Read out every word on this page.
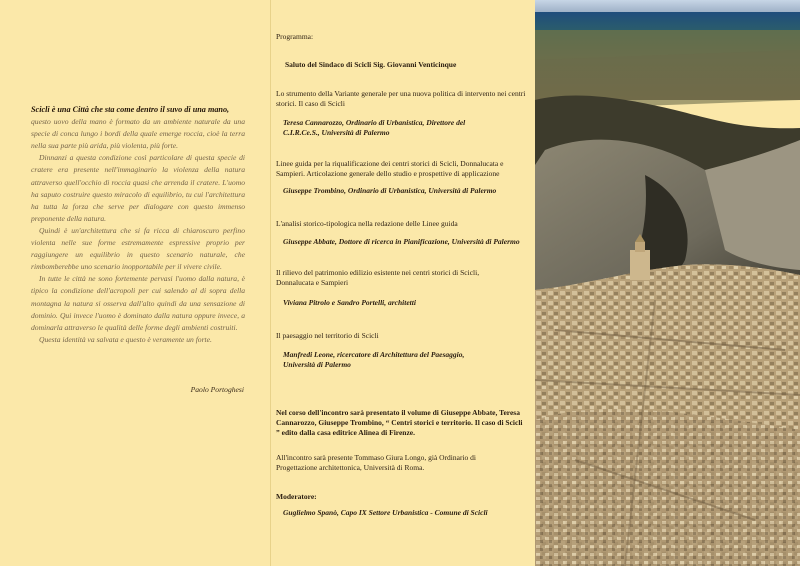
Scicli è una Città che sta come dentro il suvo di una mano,

questo uovo della mano è formato da un ambiente naturale da una specie di conca lungo i bordi della quale emerge roccia, cioè la terra nella sua parte più arida, più violenta, più forte.

Dinnanzi a questa condizione così particolare di questa specie di cratere era presente nell'immaginario la violenza della natura attraverso quell'occhio di roccia quasi che arrenda il cratere. L'uomo ha saputo costruire questo miracolo di equilibrio, tu cui l'architettura ha tutta la forza che serve per dialogare con questo immenso preponente della natura.

Quindi è un'architettura che si fa ricca di chiaroscuro perfino violenta nelle sue forme estremamente espressive proprio per raggiungere un equilibrio in questo scenario naturale, che rimbomberebbe uno scenario inopportabile per il vivere civile.

In tutte le città ne sono fortemente pervasi l'uomo dalla natura, è tipico la condizione dell'acropoli per cui salendo al di sopra della montagna la natura si osserva dall'alto quindi da una sensazione di dominio. Qui invece l'uomo è dominato dalla natura oppure invece, a dominarla attraverso le qualità delle forme degli ambienti costruiti.

Questa identità va salvata e questo è veramente un forte.

Paolo Portoghesi
Programma:
Saluto del Sindaco di Scicli Sig. Giovanni Venticinque
Lo strumento della Variante generale per una nuova politica di intervento nei centri storici. Il caso di Scicli
Teresa Cannarozzo, Ordinario di Urbanistica, Direttore del C.I.R.Ce.S., Università di Palermo
Linee guida per la riqualificazione dei centri storici di Scicli, Donnalucata e Sampieri. Articolazione generale dello studio e prospettive di applicazione
Giuseppe Trombino, Ordinario di Urbanistica, Università di Palermo
L'analisi storico-tipologica nella redazione delle Linee guida
Giuseppe Abbate, Dottore di ricerca in Pianificazione, Università di Palermo
Il rilievo del patrimonio edilizio esistente nei centri storici di Scicli, Donnalucata e Sampieri
Viviana Pitrolo e Sandro Portelli, architetti
Il paesaggio nel territorio di Scicli
Manfredi Leone, ricercatore di Architettura del Paesaggio, Università di Palermo
Nel corso dell'incontro sarà presentato il volume di Giuseppe Abbate, Teresa Cannarozzo, Giuseppe Trombino, “ Centri storici e territorio. Il caso di Scicli ” edito dalla casa editrice Alinea di Firenze.
All'incontro sarà presente Tommaso Giura Longo, già Ordinario di Progettazione architettonica, Università di Roma.
Moderatore:
Guglielmo Spanò, Capo IX Settore Urbanistica - Comune di Scicli
